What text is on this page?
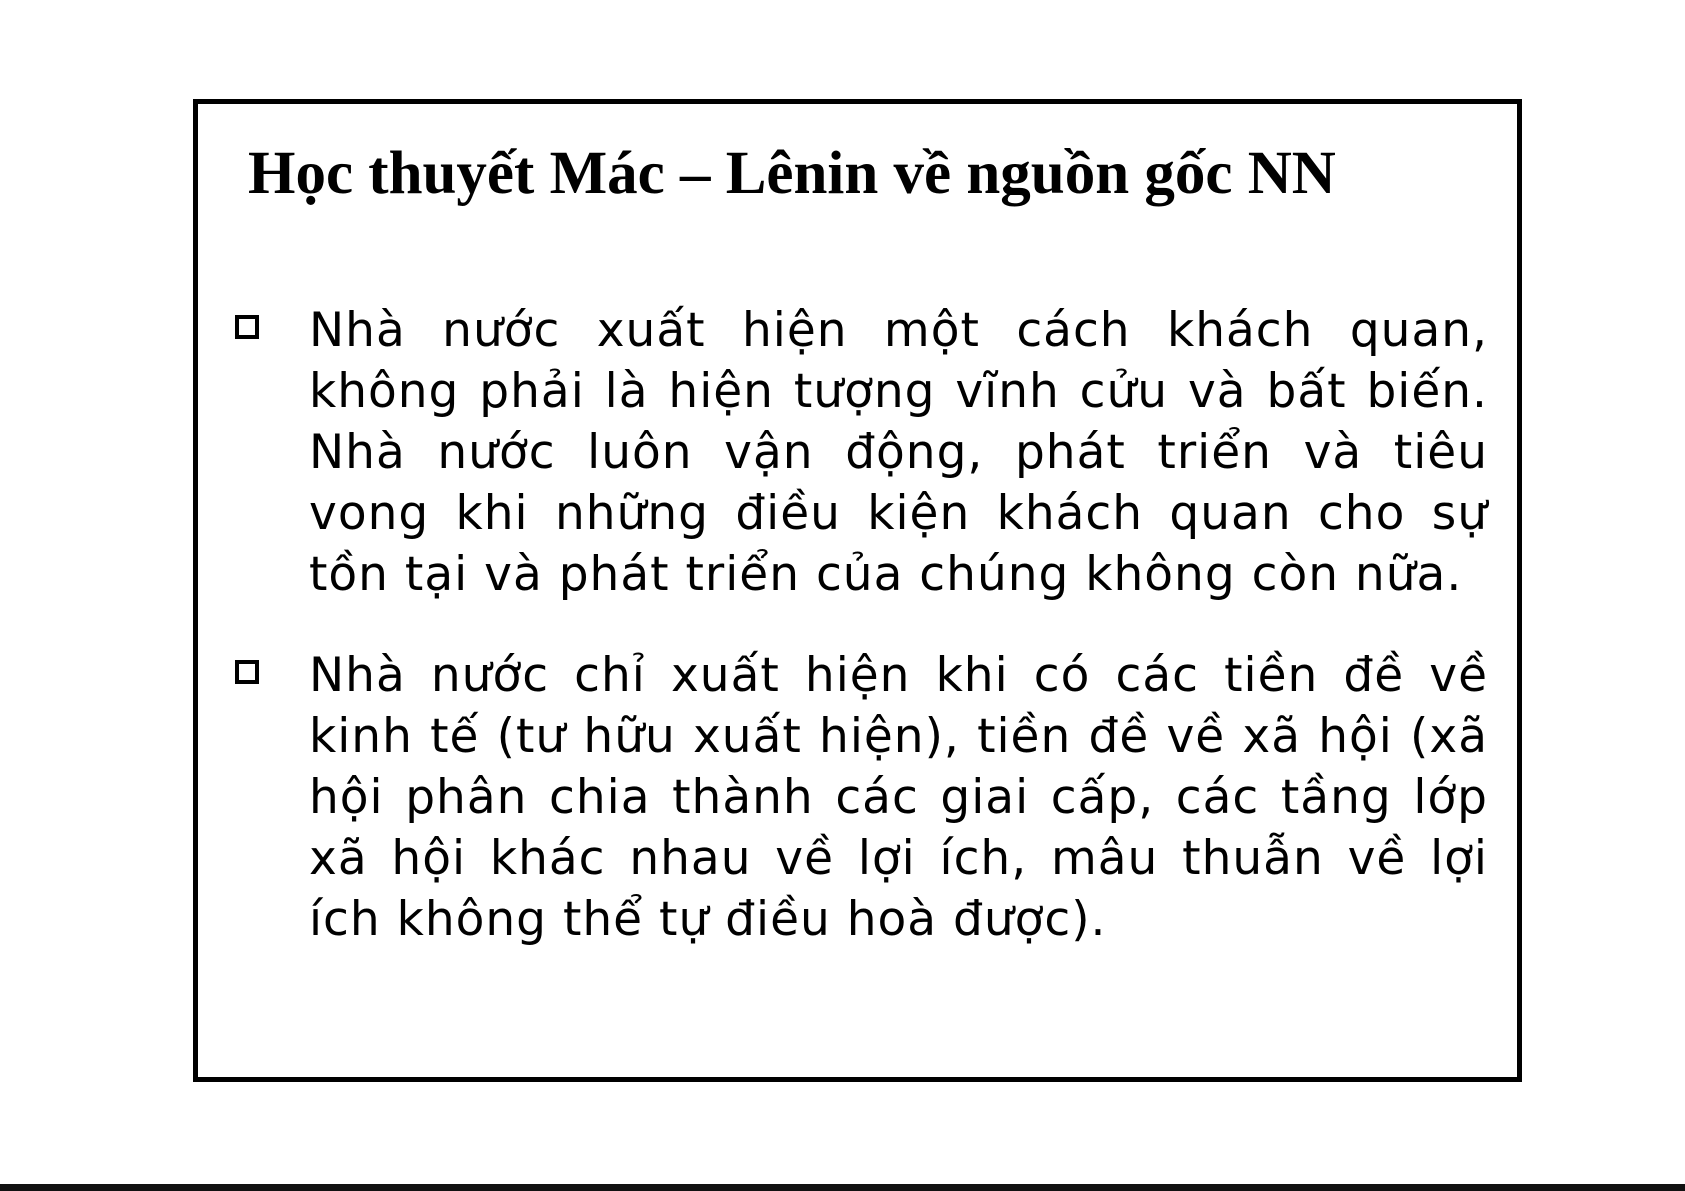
Học thuyết Mác – Lênin về nguồn gốc NN
Nhà nước xuất hiện một cách khách quan, không phải là hiện tượng vĩnh cửu và bất biến. Nhà nước luôn vận động, phát triển và tiêu vong khi những điều kiện khách quan cho sự tồn tại và phát triển của chúng không còn nữa.
Nhà nước chỉ xuất hiện khi có các tiền đề về kinh tế (tư hữu xuất hiện), tiền đề về xã hội (xã hội phân chia thành các giai cấp, các tầng lớp xã hội khác nhau về lợi ích, mâu thuẫn về lợi ích không thể tự điều hoà được).
